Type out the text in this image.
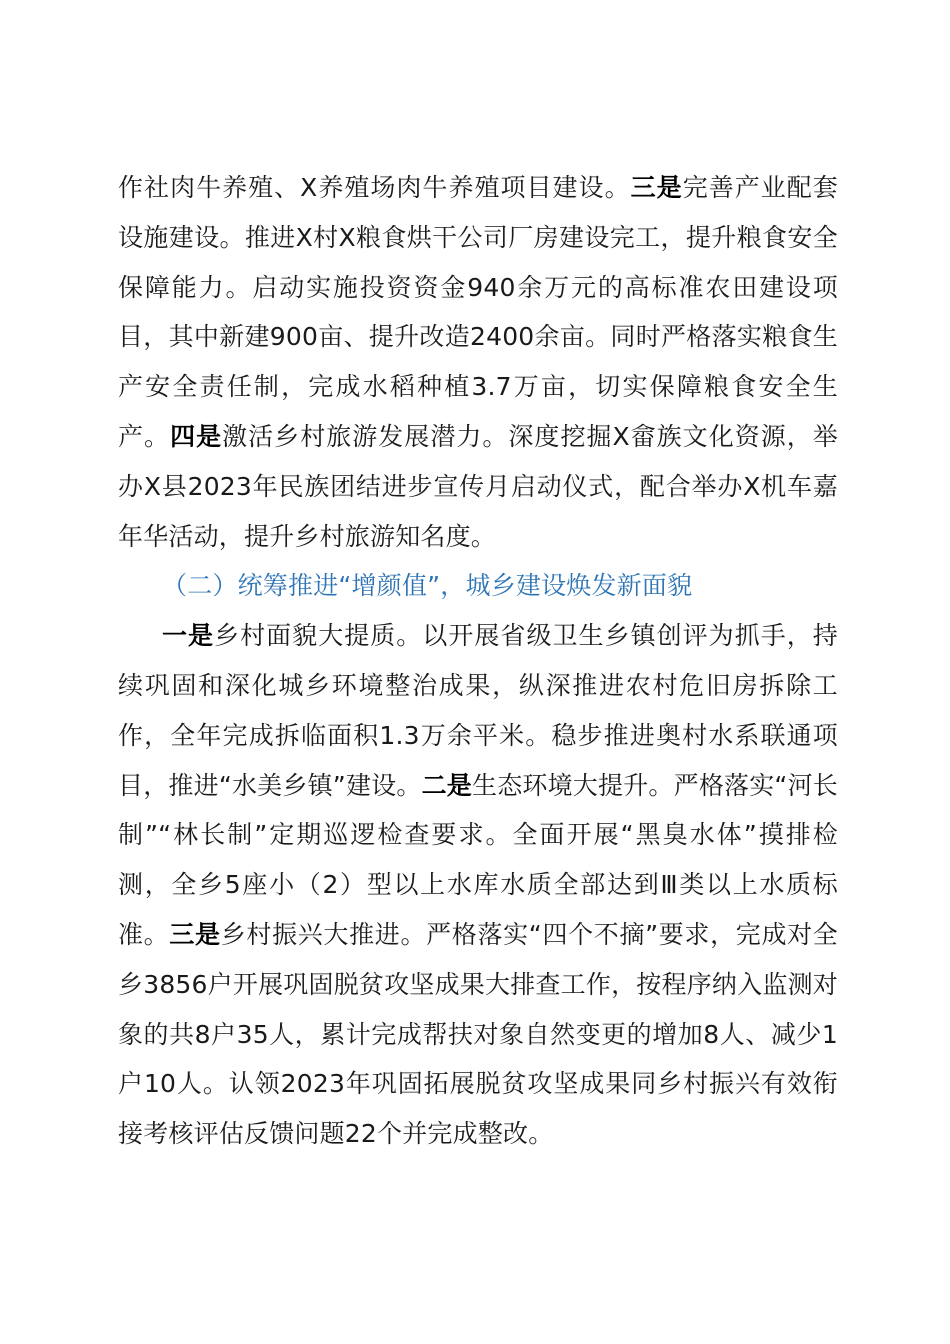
作社肉牛养殖、X养殖场肉牛养殖项目建设。三是完善产业配套设施建设。推进X村X粮食烘干公司厂房建设完工，提升粮食安全保障能力。启动实施投资资金940余万元的高标准农田建设项目，其中新建900亩、提升改造2400余亩。同时严格落实粮食生产安全责任制，完成水稻种植3.7万亩，切实保障粮食安全生产。四是激活乡村旅游发展潜力。深度挖掘X畲族文化资源，举办X县2023年民族团结进步宣传月启动仪式，配合举办X机车嘉年华活动，提升乡村旅游知名度。

（二）统筹推进“增颜值”，城乡建设焕发新面貌

一是乡村面貌大提质。以开展省级卫生乡镇创评为抓手，持续巩固和深化城乡环境整治成果，纵深推进农村危旧房拆除工作，全年完成拆临面积1.3万余平米。稳步推进奥村水系联通项目，推进“水美乡镇”建设。二是生态环境大提升。严格落实“河长制”“林长制”定期巡逻检查要求。全面开展“黑臭水体”摸排检测，全乡5座小（2）型以上水库水质全部达到Ⅲ类以上水质标准。三是乡村振兴大推进。严格落实“四个不摘”要求，完成对全乡3856户开展巩固脱贫攻坚成果大排查工作，按程序纳入监测对象的共8户35人，累计完成帮扶对象自然变更的增加8人、减少1户10人。认领2023年巩固拓展脱贫攻坚成果同乡村振兴有效衔接考核评估反馈问题22个并完成整改。
